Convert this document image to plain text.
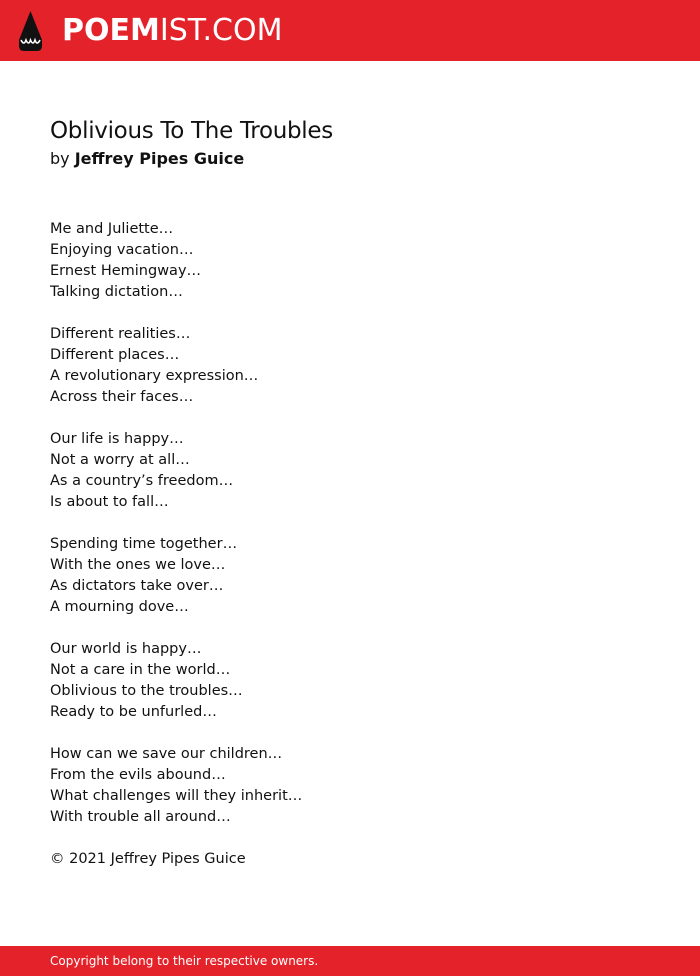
POEMIST.COM
Oblivious To The Troubles
by Jeffrey Pipes Guice
Me and Juliette…
Enjoying vacation…
Ernest Hemingway…
Talking dictation…
Different realities…
Different places…
A revolutionary expression…
Across their faces…
Our life is happy…
Not a worry at all…
As a country’s freedom…
Is about to fall…
Spending time together…
With the ones we love…
As dictators take over…
A mourning dove…
Our world is happy…
Not a care in the world…
Oblivious to the troubles…
Ready to be unfurled…
How can we save our children…
From the evils abound…
What challenges will they inherit…
With trouble all around…
© 2021 Jeffrey Pipes Guice
Copyright belong to their respective owners.
